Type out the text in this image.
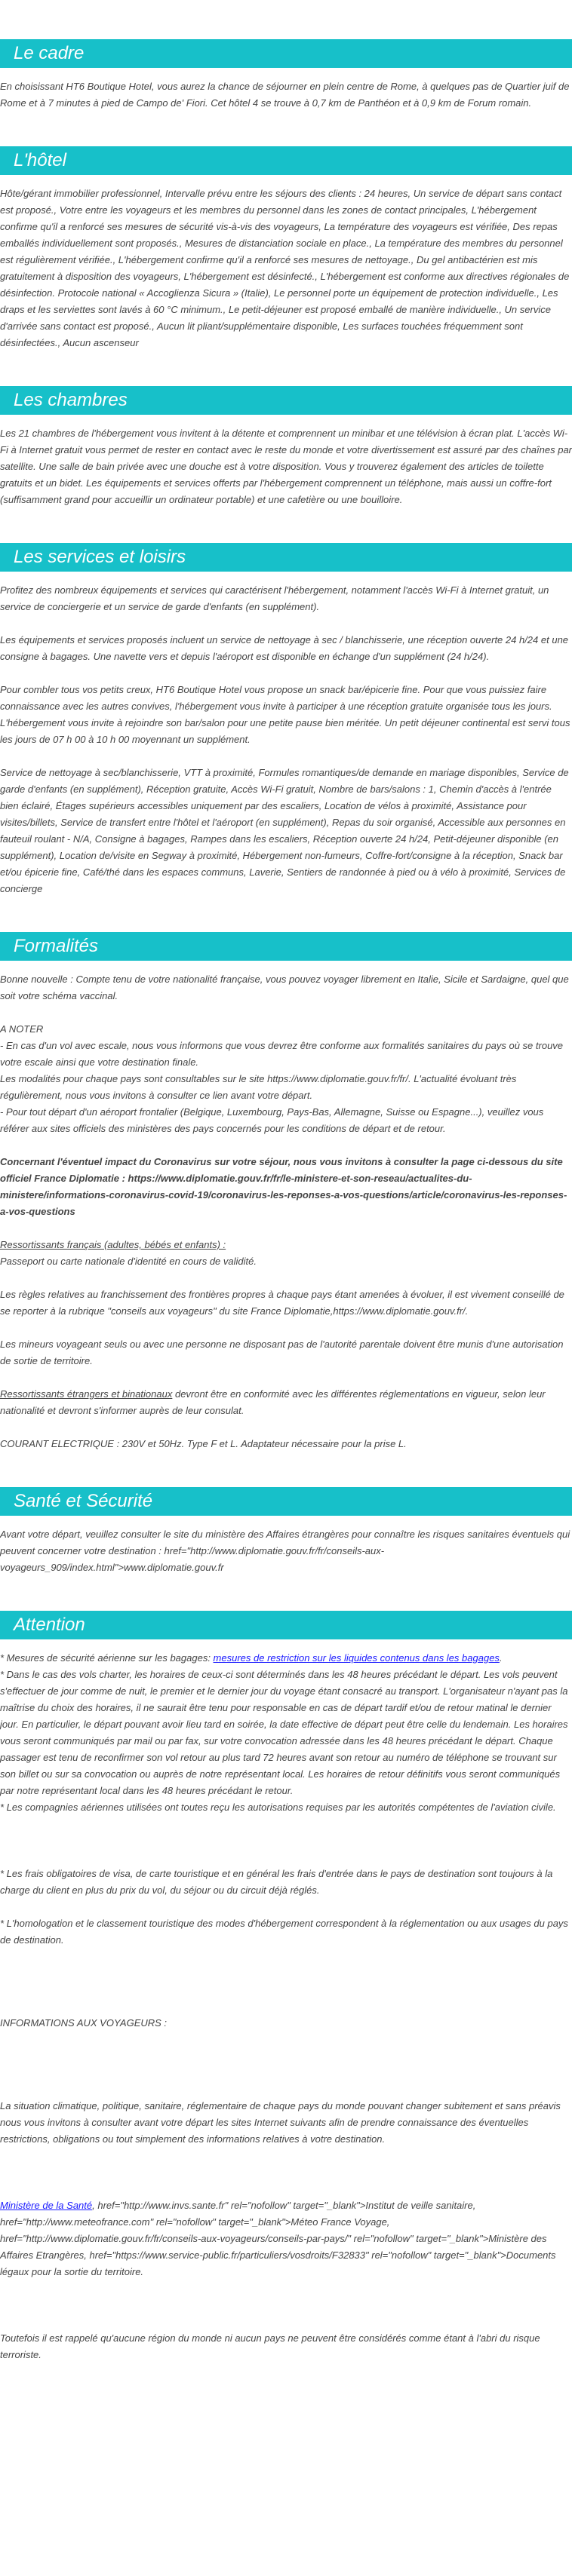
Le cadre

En choisissant HT6 Boutique Hotel, vous aurez la chance de séjourner en plein centre de Rome, à quelques pas de Quartier juif de Rome et à 7 minutes à pied de Campo de' Fiori. Cet hôtel 4 se trouve à 0,7 km de Panthéon et à 0,9 km de Forum romain.

L'hôtel

Hôte/gérant immobilier professionnel, Intervalle prévu entre les séjours des clients : 24 heures, Un service de départ sans contact est proposé., Votre entre les voyageurs et les membres du personnel dans les zones de contact principales, L'hébergement confirme qu'il a renforcé ses mesures de sécurité vis-à-vis des voyageurs, La température des voyageurs est vérifiée, Des repas emballés individuellement sont proposés., Mesures de distanciation sociale en place., La température des membres du personnel est régulièrement vérifiée., L'hébergement confirme qu'il a renforcé ses mesures de nettoyage., Du gel antibactérien est mis gratuitement à disposition des voyageurs, L'hébergement est désinfecté., L'hébergement est conforme aux directives régionales de désinfection. Protocole national « Accoglienza Sicura » (Italie), Le personnel porte un équipement de protection individuelle., Les draps et les serviettes sont lavés à 60 °C minimum., Le petit-déjeuner est proposé emballé de manière individuelle., Un service d'arrivée sans contact est proposé., Aucun lit pliant/supplémentaire disponible, Les surfaces touchées fréquemment sont désinfectées., Aucun ascenseur

Les chambres

Les 21 chambres de l'hébergement vous invitent à la détente et comprennent un minibar et une télévision à écran plat. L'accès Wi-Fi à Internet gratuit vous permet de rester en contact avec le reste du monde et votre divertissement est assuré par des chaînes par satellite. Une salle de bain privée avec une douche est à votre disposition. Vous y trouverez également des articles de toilette gratuits et un bidet. Les équipements et services offerts par l'hébergement comprennent un téléphone, mais aussi un coffre-fort (suffisamment grand pour accueillir un ordinateur portable) et une cafetière ou une bouilloire.

Les services et loisirs

Profitez des nombreux équipements et services qui caractérisent l'hébergement, notamment l'accès Wi-Fi à Internet gratuit, un service de conciergerie et un service de garde d'enfants (en supplément).

Les équipements et services proposés incluent un service de nettoyage à sec / blanchisserie, une réception ouverte 24 h/24 et une consigne à bagages. Une navette vers et depuis l'aéroport est disponible en échange d'un supplément (24 h/24).

Pour combler tous vos petits creux, HT6 Boutique Hotel vous propose un snack bar/épicerie fine. Pour que vous puissiez faire connaissance avec les autres convives, l'hébergement vous invite à participer à une réception gratuite organisée tous les jours. L'hébergement vous invite à rejoindre son bar/salon pour une petite pause bien méritée. Un petit déjeuner continental est servi tous les jours de 07 h 00 à 10 h 00 moyennant un supplément.

Service de nettoyage à sec/blanchisserie, VTT à proximité, Formules romantiques/de demande en mariage disponibles, Service de garde d'enfants (en supplément), Réception gratuite, Accès Wi-Fi gratuit, Nombre de bars/salons : 1, Chemin d'accès à l'entrée bien éclairé, Étages supérieurs accessibles uniquement par des escaliers, Location de vélos à proximité, Assistance pour visites/billets, Service de transfert entre l'hôtel et l'aéroport (en supplément), Repas du soir organisé, Accessible aux personnes en fauteuil roulant - N/A, Consigne à bagages, Rampes dans les escaliers, Réception ouverte 24 h/24, Petit-déjeuner disponible (en supplément), Location de/visite en Segway à proximité, Hébergement non-fumeurs, Coffre-fort/consigne à la réception, Snack bar et/ou épicerie fine, Café/thé dans les espaces communs, Laverie, Sentiers de randonnée à pied ou à vélo à proximité, Services de concierge

Formalités

Bonne nouvelle : Compte tenu de votre nationalité française, vous pouvez voyager librement en Italie, Sicile et Sardaigne, quel que soit votre schéma vaccinal.

A NOTER
- En cas d'un vol avec escale, nous vous informons que vous devrez être conforme aux formalités sanitaires du pays où se trouve votre escale ainsi que votre destination finale.
Les modalités pour chaque pays sont consultables sur le site https://www.diplomatie.gouv.fr/fr/. L'actualité évoluant très régulièrement, nous vous invitons à consulter ce lien avant votre départ.
- Pour tout départ d'un aéroport frontalier (Belgique, Luxembourg, Pays-Bas, Allemagne, Suisse ou Espagne...), veuillez vous référer aux sites officiels des ministères des pays concernés pour les conditions de départ et de retour.

Concernant l'éventuel impact du Coronavirus sur votre séjour, nous vous invitons à consulter la page ci-dessous du site officiel France Diplomatie : https://www.diplomatie.gouv.fr/fr/le-ministere-et-son-reseau/actualites-du-ministere/informations-coronavirus-covid-19/coronavirus-les-reponses-a-vos-questions/article/coronavirus-les-reponses-a-vos-questions

Ressortissants français (adultes, bébés et enfants) :
Passeport ou carte nationale d'identité en cours de validité.

Les règles relatives au franchissement des frontières propres à chaque pays étant amenées à évoluer, il est vivement conseillé de se reporter à la rubrique "conseils aux voyageurs" du site France Diplomatie,https://www.diplomatie.gouv.fr/.

Les mineurs voyageant seuls ou avec une personne ne disposant pas de l'autorité parentale doivent être munis d'une autorisation de sortie de territoire.

Ressortissants étrangers et binationaux devront être en conformité avec les différentes réglementations en vigueur, selon leur nationalité et devront s'informer auprès de leur consulat.

COURANT ELECTRIQUE : 230V et 50Hz. Type F et L. Adaptateur nécessaire pour la prise L.

Santé et Sécurité

Avant votre départ, veuillez consulter le site du ministère des Affaires étrangères pour connaître les risques sanitaires éventuels qui peuvent concerner votre destination : href="http://www.diplomatie.gouv.fr/fr/conseils-aux-voyageurs_909/index.html">www.diplomatie.gouv.fr

Attention

* Mesures de sécurité aérienne sur les bagages: mesures de restriction sur les liquides contenus dans les bagages.

* Dans le cas des vols charter, les horaires de ceux-ci sont déterminés dans les 48 heures précédant le départ. Les vols peuvent s'effectuer de jour comme de nuit, le premier et le dernier jour du voyage étant consacré au transport. L'organisateur n'ayant pas la maîtrise du choix des horaires, il ne saurait être tenu pour responsable en cas de départ tardif et/ou de retour matinal le dernier jour. En particulier, le départ pouvant avoir lieu tard en soirée, la date effective de départ peut être celle du lendemain. Les horaires vous seront communiqués par mail ou par fax, sur votre convocation adressée dans les 48 heures précédant le départ. Chaque passager est tenu de reconfirmer son vol retour au plus tard 72 heures avant son retour au numéro de téléphone se trouvant sur son billet ou sur sa convocation ou auprès de notre représentant local. Les horaires de retour définitifs vous seront communiqués par notre représentant local dans les 48 heures précédant le retour.

* Les compagnies aériennes utilisées ont toutes reçu les autorisations requises par les autorités compétentes de l'aviation civile.

* Les frais obligatoires de visa, de carte touristique et en général les frais d'entrée dans le pays de destination sont toujours à la charge du client en plus du prix du vol, du séjour ou du circuit déjà réglés.

* L'homologation et le classement touristique des modes d'hébergement correspondent à la réglementation ou aux usages du pays de destination.

INFORMATIONS AUX VOYAGEURS :

La situation climatique, politique, sanitaire, réglementaire de chaque pays du monde pouvant changer subitement et sans préavis
nous vous invitons à consulter avant votre départ les sites Internet suivants afin de prendre connaissance des éventuelles restrictions, obligations ou tout simplement des informations relatives à votre destination.

Ministère de la Santé, href="http://www.invs.sante.fr" rel="nofollow" target="_blank">Institut de veille sanitaire, href="http://www.meteofrance.com" rel="nofollow" target="_blank">Méteo France Voyage, href="http://www.diplomatie.gouv.fr/fr/conseils-aux-voyageurs/conseils-par-pays/" rel="nofollow" target="_blank">Ministère des Affaires Etrangères, href="https://www.service-public.fr/particuliers/vosdroits/F32833" rel="nofollow" target="_blank">Documents légaux pour la sortie du territoire.

Toutefois il est rappelé qu'aucune région du monde ni aucun pays ne peuvent être considérés comme étant à l'abri du risque terroriste.
